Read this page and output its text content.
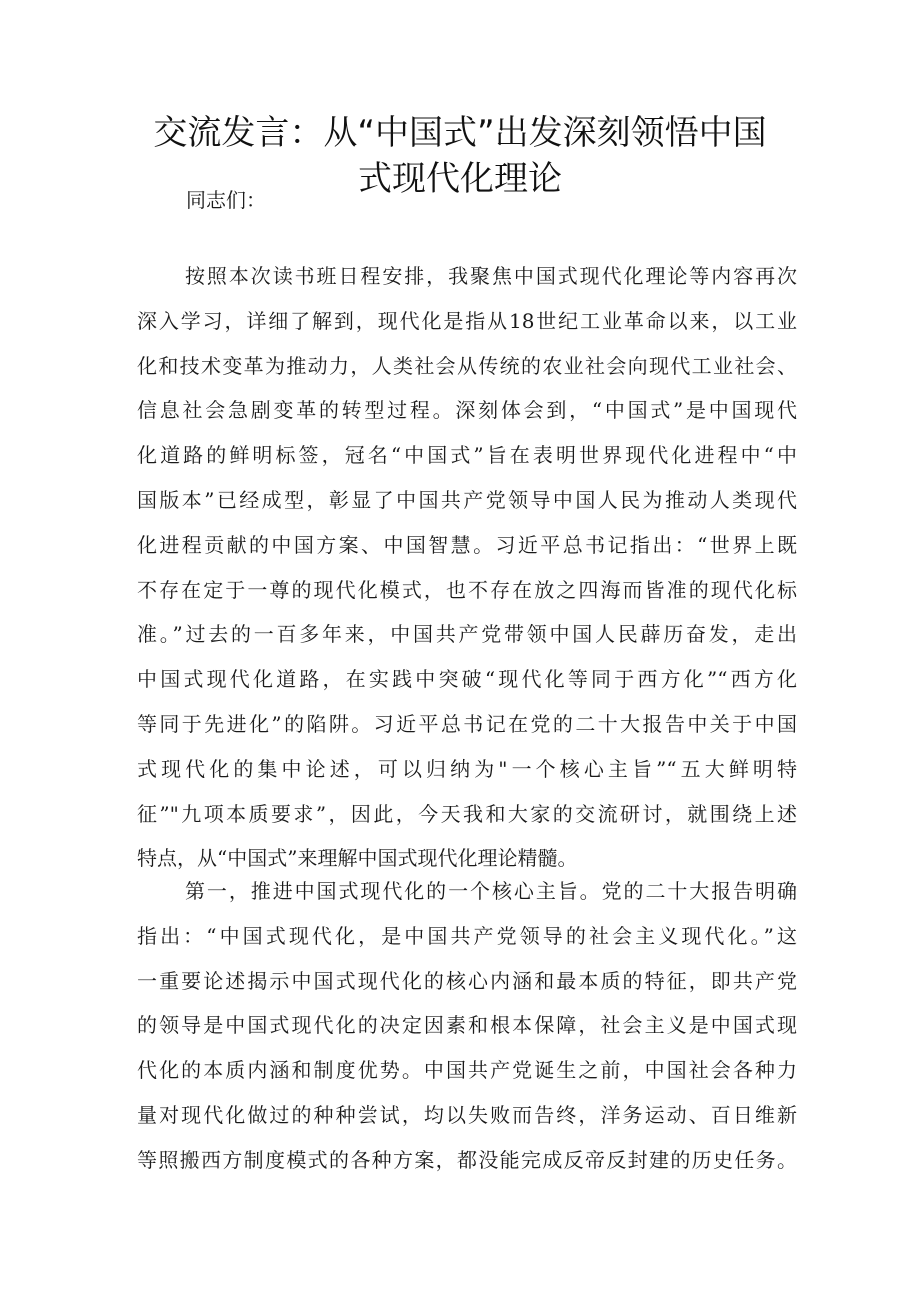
交流发言：从“中国式”出发深刻领悟中国
式现代化理论

同志们：

按照本次读书班日程安排，我聚焦中国式现代化理论等内容再次
深入学习，详细了解到，现代化是指从18世纪工业革命以来，以工业
化和技术变革为推动力，人类社会从传统的农业社会向现代工业社会、
信息社会急剧变革的转型过程。深刻体会到，“中国式”是中国现代
化道路的鲜明标签，冠名“中国式”旨在表明世界现代化进程中“中
国版本”已经成型，彰显了中国共产党领导中国人民为推动人类现代
化进程贡献的中国方案、中国智慧。习近平总书记指出：“世界上既
不存在定于一尊的现代化模式，也不存在放之四海而皆准的现代化标
准。”过去的一百多年来，中国共产党带领中国人民薜历奋发，走出
中国式现代化道路，在实践中突破“现代化等同于西方化”“西方化
等同于先进化”的陷阱。习近平总书记在党的二十大报告中关于中国
式现代化的集中论述，可以归纳为"一个核心主旨”“五大鲜明特
征”"九项本质要求”，因此，今天我和大家的交流研讨，就围绕上述
特点，从“中国式”来理解中国式现代化理论精髓。

第一，推进中国式现代化的一个核心主旨。党的二十大报告明确
指出：“中国式现代化，是中国共产党领导的社会主义现代化。”这
一重要论述揭示中国式现代化的核心内涵和最本质的特征，即共产党
的领导是中国式现代化的决定因素和根本保障，社会主义是中国式现
代化的本质内涵和制度优势。中国共产党诞生之前，中国社会各种力
量对现代化做过的种种尝试，均以失败而告终，洋务运动、百日维新
等照搬西方制度模式的各种方案，都没能完成反帝反封建的历史任务。
